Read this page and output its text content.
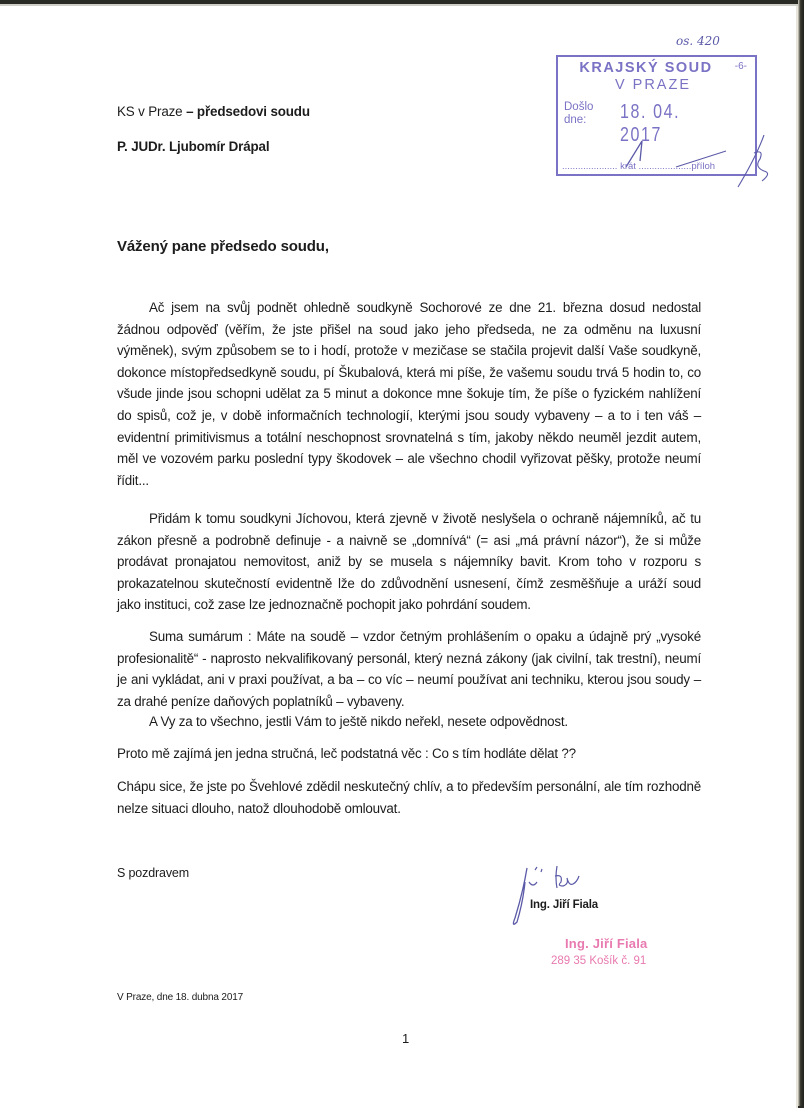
os. 420
KRAJSKÝ SOUD	-6-
V PRAZE
Došlo
dne:	18. 04. 2017
..................... krát ....................příloh
KS v Praze – předsedovi soudu
P. JUDr. Ljubomír Drápal
Vážený pane předsedo soudu,
Ač jsem na svůj podnět ohledně soudkyně Sochorové ze dne 21. března dosud nedostal žádnou odpověď (věřím, že jste přišel na soud jako jeho předseda, ne za odměnu na luxusní výměnek), svým způsobem se to i hodí, protože v mezičase se stačila projevit další Vaše soudkyně, dokonce místopředsedkyně soudu, pí Škubalová, která mi píše, že vašemu soudu trvá 5 hodin to, co všude jinde jsou schopni udělat za 5 minut a dokonce mne šokuje tím, že píše o fyzickém nahlížení do spisů, což je, v době informačních technologií, kterými jsou soudy vybaveny – a to i ten váš – evidentní primitivismus a totální neschopnost srovnatelná s tím, jakoby někdo neuměl jezdit autem, měl ve vozovém parku poslední typy škodovek – ale všechno chodil vyřizovat pěšky, protože neumí řídit...
Přidám k tomu soudkyni Jíchovou, která zjevně v životě neslyšela o ochraně nájemníků, ač tu zákon přesně a podrobně definuje - a naivně se „domnívá“ (= asi „má právní názor“), že si může prodávat pronajatou nemovitost, aniž by se musela s nájemníky bavit. Krom toho v rozporu s prokazatelnou skutečností evidentně lže do zdůvodnění usnesení, čímž zesměšňuje a uráží soud jako instituci, což zase lze jednoznačně pochopit jako pohrdání soudem.
Suma sumárum : Máte na soudě – vzdor četným prohlášením o opaku a údajně prý „vysoké profesionalitě“ - naprosto nekvalifikovaný personál, který nezná zákony (jak civilní, tak trestní), neumí je ani vykládat, ani v praxi používat, a ba – co víc – neumí používat ani techniku, kterou jsou soudy – za drahé peníze daňových poplatníků – vybaveny.
A Vy za to všechno, jestli Vám to ještě nikdo neřekl, nesete odpovědnost.
Proto mě zajímá jen jedna stručná, leč podstatná věc : Co s tím hodláte dělat ??
Chápu sice, že jste po Švehlové zdědil neskutečný chlív, a to především personální, ale tím rozhodně nelze situaci dlouho, natož dlouhodobě omlouvat.
S pozdravem
Ing. Jiří Fiala
Ing. Jiří Fiala
289 35 Košík č. 91
V Praze, dne 18. dubna 2017
1
